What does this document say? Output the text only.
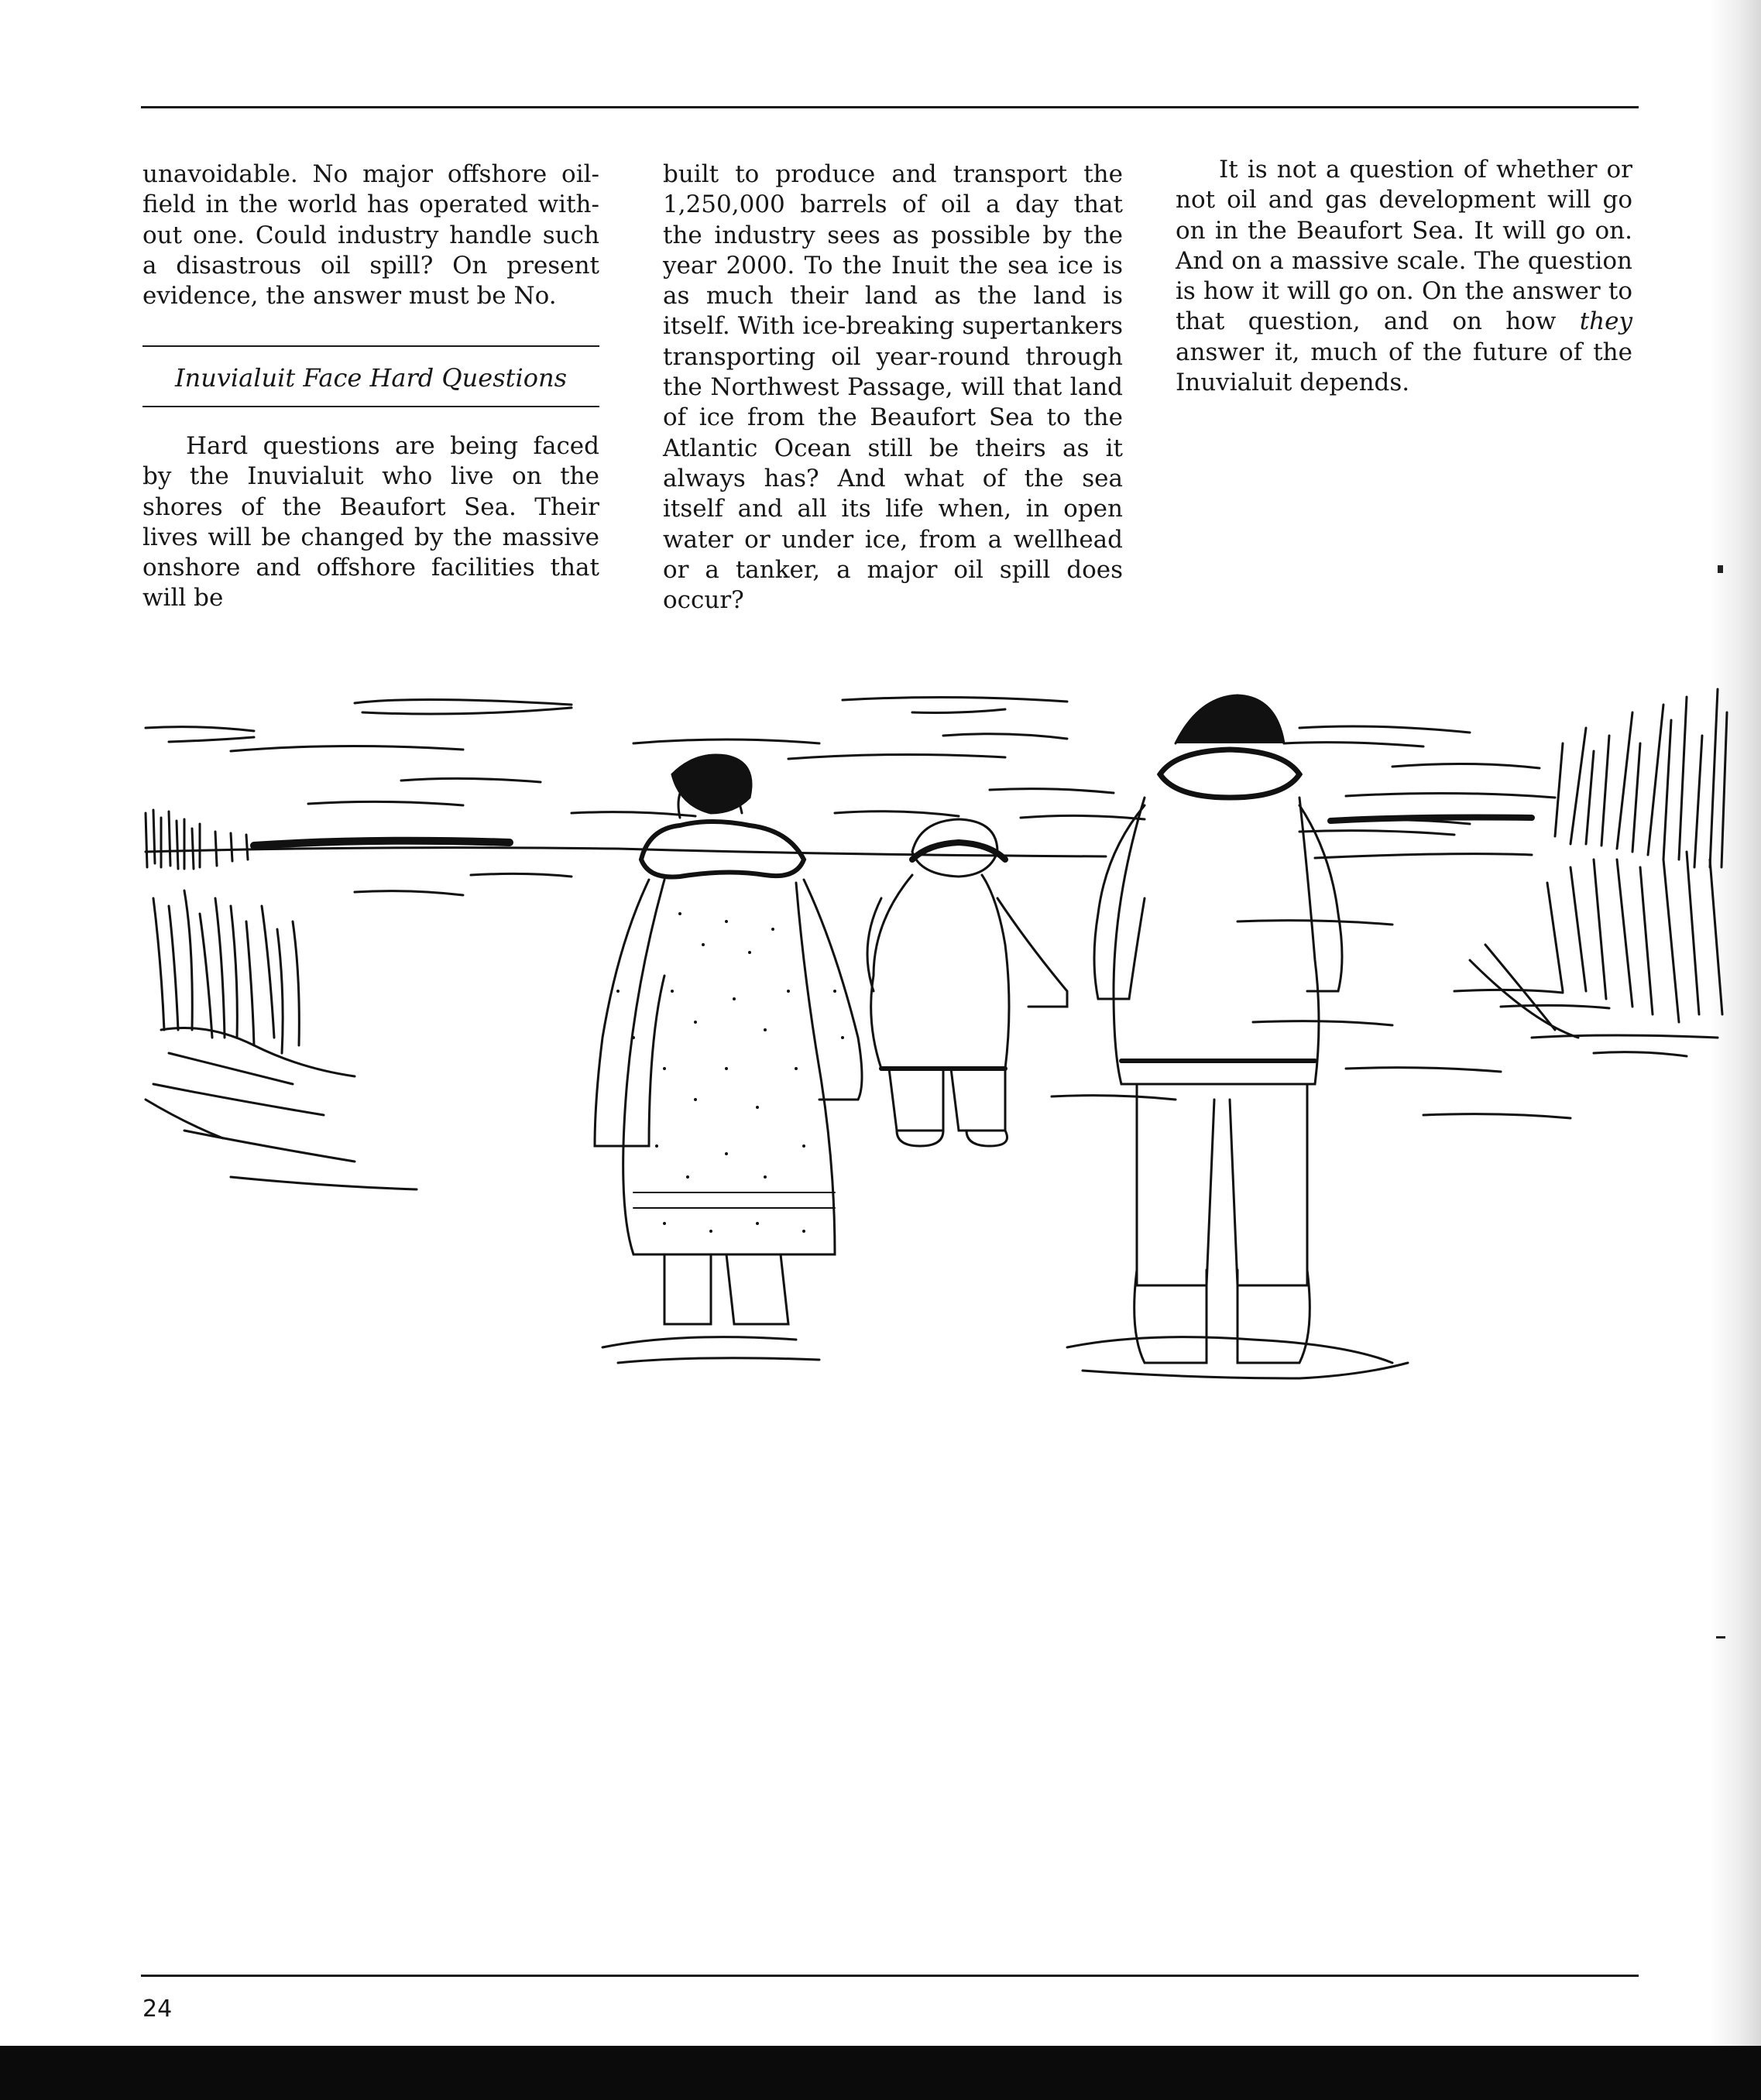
unavoidable. No major offshore oil-field in the world has operated with-out one. Could industry handle such a disastrous oil spill? On present evidence, the answer must be No.

Inuvialuit Face Hard Questions

Hard questions are being faced by the Inuvialuit who live on the shores of the Beaufort Sea. Their lives will be changed by the massive onshore and offshore facilities that will be

built to produce and transport the 1,250,000 barrels of oil a day that the industry sees as possible by the year 2000. To the Inuit the sea ice is as much their land as the land is itself. With ice-breaking supertankers transporting oil year-round through the Northwest Passage, will that land of ice from the Beaufort Sea to the Atlantic Ocean still be theirs as it always has? And what of the sea itself and all its life when, in open water or under ice, from a wellhead or a tanker, a major oil spill does occur?

It is not a question of whether or not oil and gas development will go on in the Beaufort Sea. It will go on. And on a massive scale. The question is how it will go on. On the answer to that question, and on how they answer it, much of the future of the Inuvialuit depends.

24
